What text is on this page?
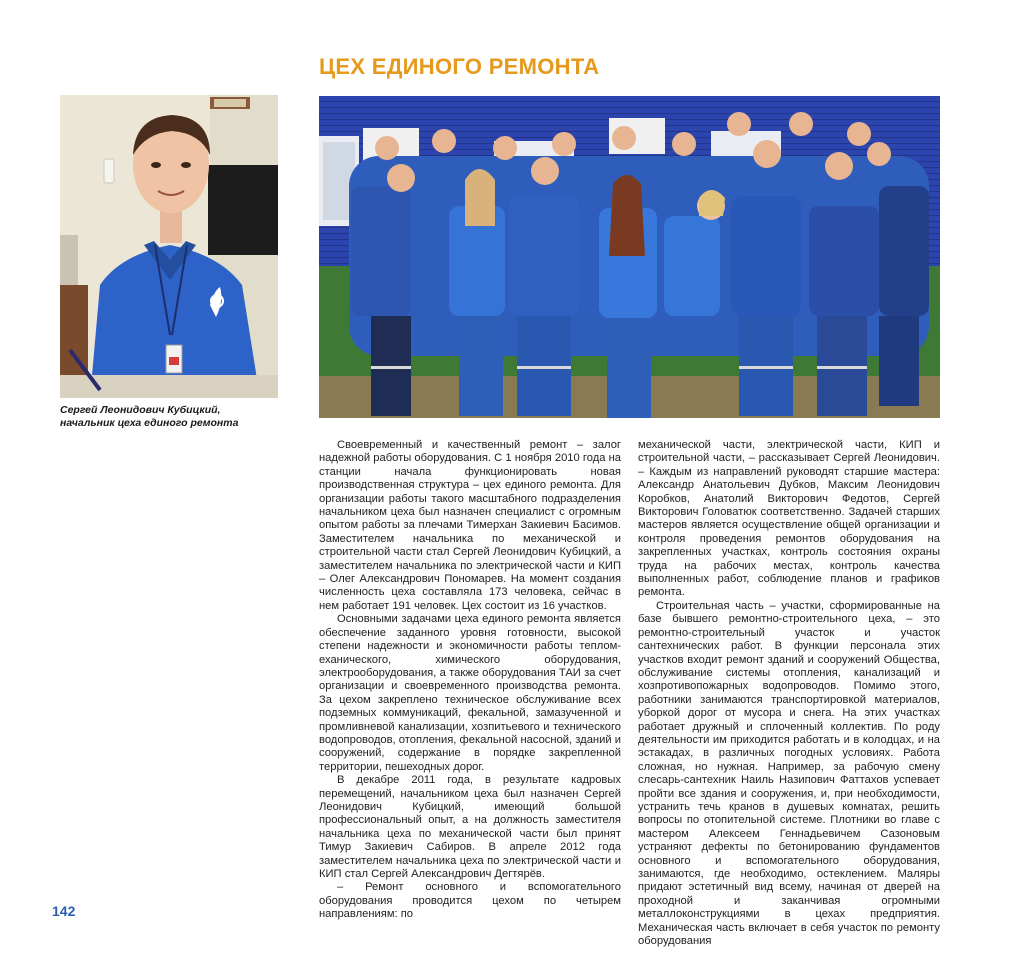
ЦЕХ ЕДИНОГО РЕМОНТА
Сергей Леонидович Кубицкий,
начальник цеха единого ремонта

Своевременный и качественный ремонт – залог надежной работы оборудования. С 1 ноября 2010 года на станции начала функционировать новая производственная структура – цех единого ремонта. Для организации работы такого масштабного подразделения начальником цеха был назначен специалист с огромным опытом работы за плечами Тимерхан Закиевич Басимов. Заместителем начальника по механической и строительной части стал Сергей Леонидович Кубицкий, а заместителем начальника по электрической части и КИП – Олег Александрович Пономарев. На момент создания численность цеха составляла 173 человека, сейчас в нем работает 191 человек. Цех состоит из 16 участков.

Основными задачами цеха единого ремонта является обеспечение заданного уровня готовности, высокой степени надежности и экономичности работы тепломеханического, химического оборудования, электрооборудования, а также оборудования ТАИ за счет организации и своевременного производства ремонта. За цехом закреплено техническое обслуживание всех подземных коммуникаций, фекальной, замазученной и промливневой канализации, хозпитьевого и технического водопроводов, отопления, фекальной насосной, зданий и сооружений, содержание в порядке закрепленной территории, пешеходных дорог.

В декабре 2011 года, в результате кадровых перемещений, начальником цеха был назначен Сергей Леонидович Кубицкий, имеющий большой профессиональный опыт, а на должность заместителя начальника цеха по механической части был принят Тимур Закиевич Сабиров. В апреле 2012 года заместителем начальника цеха по электрической части и КИП стал Сергей Александрович Дегтярёв.

– Ремонт основного и вспомогательного оборудования проводится цехом по четырем направлениям: по

механической части, электрической части, КИП и строительной части, – рассказывает Сергей Леонидович. – Каждым из направлений руководят старшие мастера: Александр Анатольевич Дубков, Максим Леонидович Коробков, Анатолий Викторович Федотов, Сергей Викторович Головатюк соответственно. Задачей старших мастеров является осуществление общей организации и контроля проведения ремонтов оборудования на закрепленных участках, контроль состояния охраны труда на рабочих местах, контроль качества выполненных работ, соблюдение планов и графиков ремонта.

Строительная часть – участки, сформированные на базе бывшего ремонтно-строительного цеха, – это ремонтно-строительный участок и участок сантехнических работ. В функции персонала этих участков входит ремонт зданий и сооружений Общества, обслуживание системы отопления, канализаций и хозпротивопожарных водопроводов. Помимо этого, работники занимаются транспортировкой материалов, уборкой дорог от мусора и снега. На этих участках работает дружный и сплоченный коллектив. По роду деятельности им приходится работать и в колодцах, и на эстакадах, в различных погодных условиях. Работа сложная, но нужная. Например, за рабочую смену слесарь-сантехник Наиль Назипович Фаттахов успевает пройти все здания и сооружения, и, при необходимости, устранить течь кранов в душевых комнатах, решить вопросы по отопительной системе. Плотники во главе с мастером Алексеем Геннадьевичем Сазоновым устраняют дефекты по бетонированию фундаментов основного и вспомогательного оборудования, занимаются, где необходимо, остеклением. Маляры придают эстетичный вид всему, начиная от дверей на проходной и заканчивая огромными металлоконструкциями в цехах предприятия. Механическая часть включает в себя участок по ремонту оборудования

142
